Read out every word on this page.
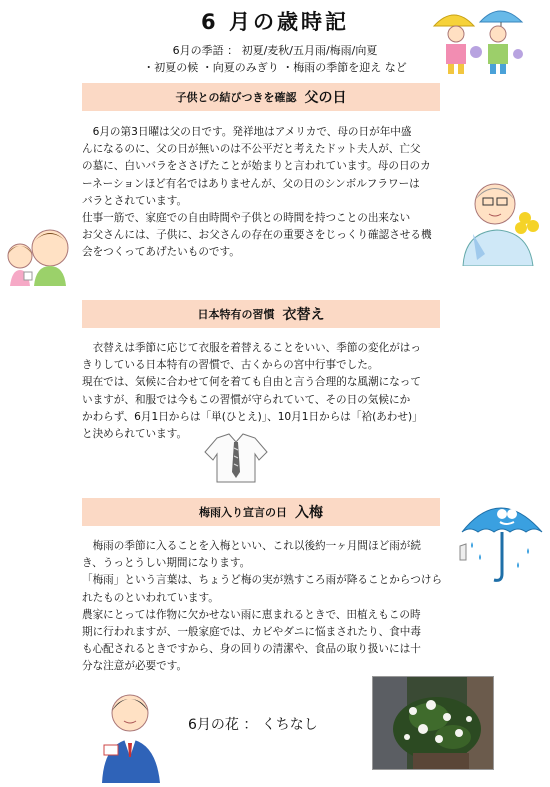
6 月の歳時記
6月の季語 ： 初夏/麦秋/五月雨/梅雨/向夏
・初夏の候 ・向夏のみぎり ・梅雨の季節を迎え など
子供との結びつきを確認 父の日
　6月の第3日曜は父の日です。発祥地はアメリカで、母の日が年中盛
んになるのに、父の日が無いのは不公平だと考えたドット夫人が、亡父
の墓に、白いバラをささげたことが始まりと言われています。母の日のカ
ーネーションほど有名ではありませんが、父の日のシンボルフラワーは
バラとされています。
仕事一筋で、家庭での自由時間や子供との時間を持つことの出来ない
お父さんには、子供に、お父さんの存在の重要さをじっくり確認させる機
会をつくってあげたいものです。
日本特有の習慣 衣替え
　衣替えは季節に応じて衣服を着替えることをいい、季節の変化がはっ
きりしている日本特有の習慣で、古くからの宮中行事でした。
現在では、気候に合わせて何を着ても自由と言う合理的な風潮になって
いますが、和服では今もこの習慣が守られていて、その日の気候にか
かわらず、6月1日からは「単(ひとえ)」、10月1日からは「袷(あわせ)」
と決められています。
梅雨入り宣言の日 入梅
　梅雨の季節に入ることを入梅といい、これ以後約一ヶ月間ほど雨が続
き、うっとうしい期間になります。
「梅雨」という言葉は、ちょうど梅の実が熟すころ雨が降ることからつけら
れたものといわれています。
農家にとっては作物に欠かせない雨に恵まれるときで、田植えもこの時
期に行われますが、一般家庭では、カビやダニに悩まされたり、食中毒
も心配されるときですから、身の回りの清潔や、食品の取り扱いには十
分な注意が必要です。
6月の花 ： くちなし
